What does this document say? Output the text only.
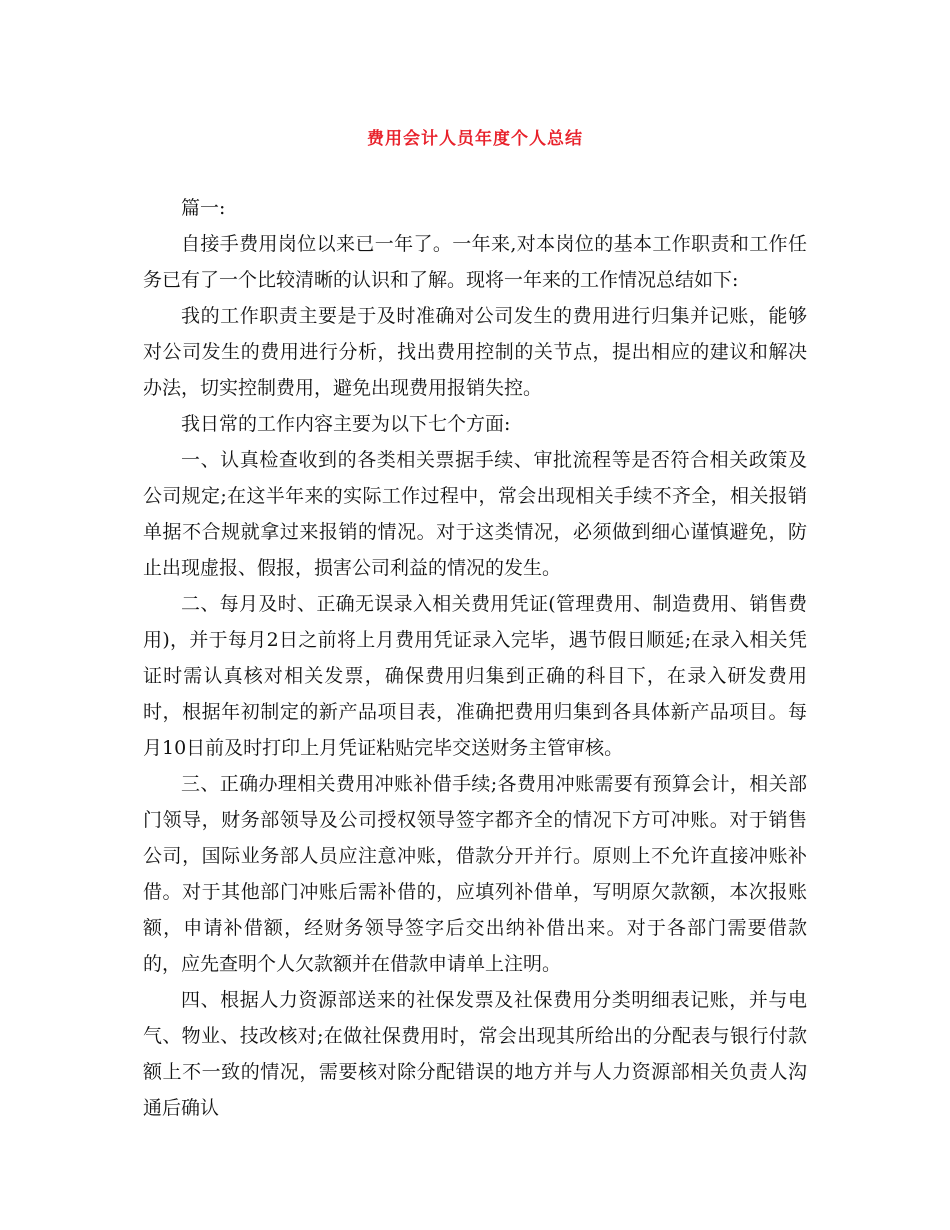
费用会计人员年度个人总结

篇一:

自接手费用岗位以来已一年了。一年来,对本岗位的基本工作职责和工作任务已有了一个比较清晰的认识和了解。现将一年来的工作情况总结如下:

我的工作职责主要是于及时准确对公司发生的费用进行归集并记账，能够对公司发生的费用进行分析，找出费用控制的关节点，提出相应的建议和解决办法，切实控制费用，避免出现费用报销失控。

我日常的工作内容主要为以下七个方面:

一、认真检查收到的各类相关票据手续、审批流程等是否符合相关政策及公司规定;在这半年来的实际工作过程中，常会出现相关手续不齐全，相关报销单据不合规就拿过来报销的情况。对于这类情况，必须做到细心谨慎避免，防止出现虚报、假报，损害公司利益的情况的发生。

二、每月及时、正确无误录入相关费用凭证(管理费用、制造费用、销售费用)，并于每月2日之前将上月费用凭证录入完毕，遇节假日顺延;在录入相关凭证时需认真核对相关发票，确保费用归集到正确的科目下，在录入研发费用时，根据年初制定的新产品项目表，准确把费用归集到各具体新产品项目。每月10日前及时打印上月凭证粘贴完毕交送财务主管审核。

三、正确办理相关费用冲账补借手续;各费用冲账需要有预算会计，相关部门领导，财务部领导及公司授权领导签字都齐全的情况下方可冲账。对于销售公司，国际业务部人员应注意冲账，借款分开并行。原则上不允许直接冲账补借。对于其他部门冲账后需补借的，应填列补借单，写明原欠款额，本次报账额，申请补借额，经财务领导签字后交出纳补借出来。对于各部门需要借款的，应先查明个人欠款额并在借款申请单上注明。

四、根据人力资源部送来的社保发票及社保费用分类明细表记账，并与电气、物业、技改核对;在做社保费用时，常会出现其所给出的分配表与银行付款额上不一致的情况，需要核对除分配错误的地方并与人力资源部相关负责人沟通后确认
